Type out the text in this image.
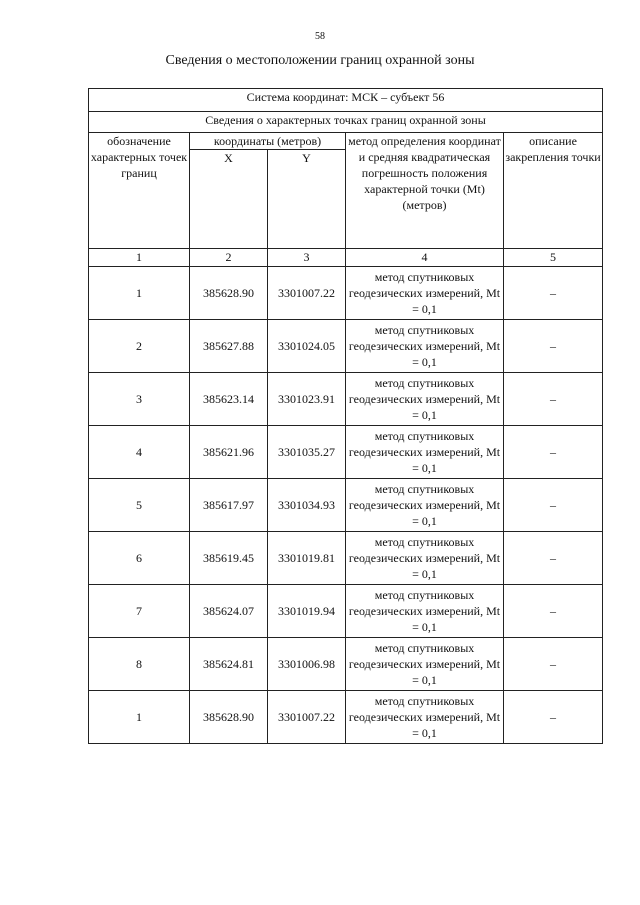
58
Сведения о местоположении границ охранной зоны
Система координат: МСК – субъект 56				
Сведения о характерных точках границ охранной зоны				
обозначение характерных точек границ	координаты (метров)		метод определения координат и средняя квадратическая погрешность положения характерной точки (Mt) (метров)	описание закрепления точки
	X	Y		
1	2	3	4	5
1	385628.90	3301007.22	метод спутниковых геодезических измерений, Mt = 0,1	–
2	385627.88	3301024.05	метод спутниковых геодезических измерений, Mt = 0,1	–
3	385623.14	3301023.91	метод спутниковых геодезических измерений, Mt = 0,1	–
4	385621.96	3301035.27	метод спутниковых геодезических измерений, Mt = 0,1	–
5	385617.97	3301034.93	метод спутниковых геодезических измерений, Mt = 0,1	–
6	385619.45	3301019.81	метод спутниковых геодезических измерений, Mt = 0,1	–
7	385624.07	3301019.94	метод спутниковых геодезических измерений, Mt = 0,1	–
8	385624.81	3301006.98	метод спутниковых геодезических измерений, Mt = 0,1	–
1	385628.90	3301007.22	метод спутниковых геодезических измерений, Mt = 0,1	–
